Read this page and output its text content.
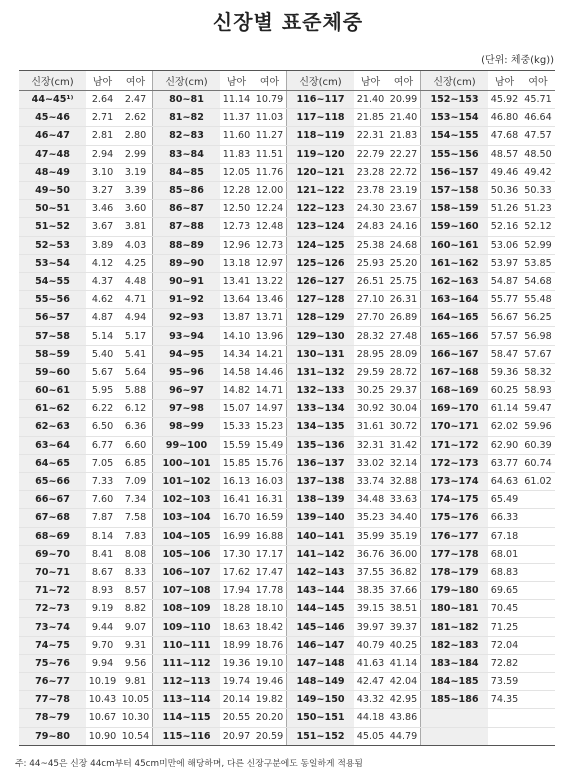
신장별 표준체중
(단위: 체중(kg))
신장(cm)	남아	여아	신장(cm)	남아	여아	신장(cm)	남아	여아	신장(cm)	남아	여아
44~45¹⁾	2.64	2.47	80~81	11.14 10.79	116~117	21.40 20.99	152~153	45.92 45.71
45~46	2.71	2.62	81~82	11.37 11.03	117~118	21.85 21.40	153~154	46.80 46.64
46~47	2.81	2.80	82~83	11.60 11.27	118~119	22.31 21.83	154~155	47.68 47.57
47~48	2.94	2.99	83~84	11.83 11.51	119~120	22.79 22.27	155~156	48.57 48.50
48~49	3.10	3.19	84~85	12.05 11.76	120~121	23.28 22.72	156~157	49.46 49.42
49~50	3.27	3.39	85~86	12.28 12.00	121~122	23.78 23.19	157~158	50.36 50.33
50~51	3.46	3.60	86~87	12.50 12.24	122~123	24.30 23.67	158~159	51.26 51.23
51~52	3.67	3.81	87~88	12.73 12.48	123~124	24.83 24.16	159~160	52.16 52.12
52~53	3.89	4.03	88~89	12.96 12.73	124~125	25.38 24.68	160~161	53.06 52.99
53~54	4.12	4.25	89~90	13.18 12.97	125~126	25.93 25.20	161~162	53.97 53.85
54~55	4.37	4.48	90~91	13.41 13.22	126~127	26.51 25.75	162~163	54.87 54.68
55~56	4.62	4.71	91~92	13.64 13.46	127~128	27.10 26.31	163~164	55.77 55.48
56~57	4.87	4.94	92~93	13.87 13.71	128~129	27.70 26.89	164~165	56.67 56.25
57~58	5.14	5.17	93~94	14.10 13.96	129~130	28.32 27.48	165~166	57.57 56.98
58~59	5.40	5.41	94~95	14.34 14.21	130~131	28.95 28.09	166~167	58.47 57.67
59~60	5.67	5.64	95~96	14.58 14.46	131~132	29.59 28.72	167~168	59.36 58.32
60~61	5.95	5.88	96~97	14.82 14.71	132~133	30.25 29.37	168~169	60.25 58.93
61~62	6.22	6.12	97~98	15.07 14.97	133~134	30.92 30.04	169~170	61.14 59.47
62~63	6.50	6.36	98~99	15.33 15.23	134~135	31.61 30.72	170~171	62.02 59.96
63~64	6.77	6.60	99~100	15.59 15.49	135~136	32.31 31.42	171~172	62.90 60.39
64~65	7.05	6.85	100~101	15.85 15.76	136~137	33.02 32.14	172~173	63.77 60.74
65~66	7.33	7.09	101~102	16.13 16.03	137~138	33.74 32.88	173~174	64.63 61.02
66~67	7.60	7.34	102~103	16.41 16.31	138~139	34.48 33.63	174~175	65.49
67~68	7.87	7.58	103~104	16.70 16.59	139~140	35.23 34.40	175~176	66.33
68~69	8.14	7.83	104~105	16.99 16.88	140~141	35.99 35.19	176~177	67.18
69~70	8.41	8.08	105~106	17.30 17.17	141~142	36.76 36.00	177~178	68.01
70~71	8.67	8.33	106~107	17.62 17.47	142~143	37.55 36.82	178~179	68.83
71~72	8.93	8.57	107~108	17.94 17.78	143~144	38.35 37.66	179~180	69.65
72~73	9.19	8.82	108~109	18.28 18.10	144~145	39.15 38.51	180~181	70.45
73~74	9.44	9.07	109~110	18.63 18.42	145~146	39.97 39.37	181~182	71.25
74~75	9.70	9.31	110~111	18.99 18.76	146~147	40.79 40.25	182~183	72.04
75~76	9.94	9.56	111~112	19.36 19.10	147~148	41.63 41.14	183~184	72.82
76~77	10.19 9.81	112~113	19.74 19.46	148~149	42.47 42.04	184~185	73.59
77~78	10.43 10.05	113~114	20.14 19.82	149~150	43.32 42.95	185~186	74.35
78~79	10.67 10.30	114~115	20.55 20.20	150~151	44.18 43.86
79~80	10.90 10.54	115~116	20.97 20.59	151~152	45.05 44.79
주: 44~45은 신장 44cm부터 45cm미만에 해당하며, 다른 신장구분에도 동일하게 적용됨
